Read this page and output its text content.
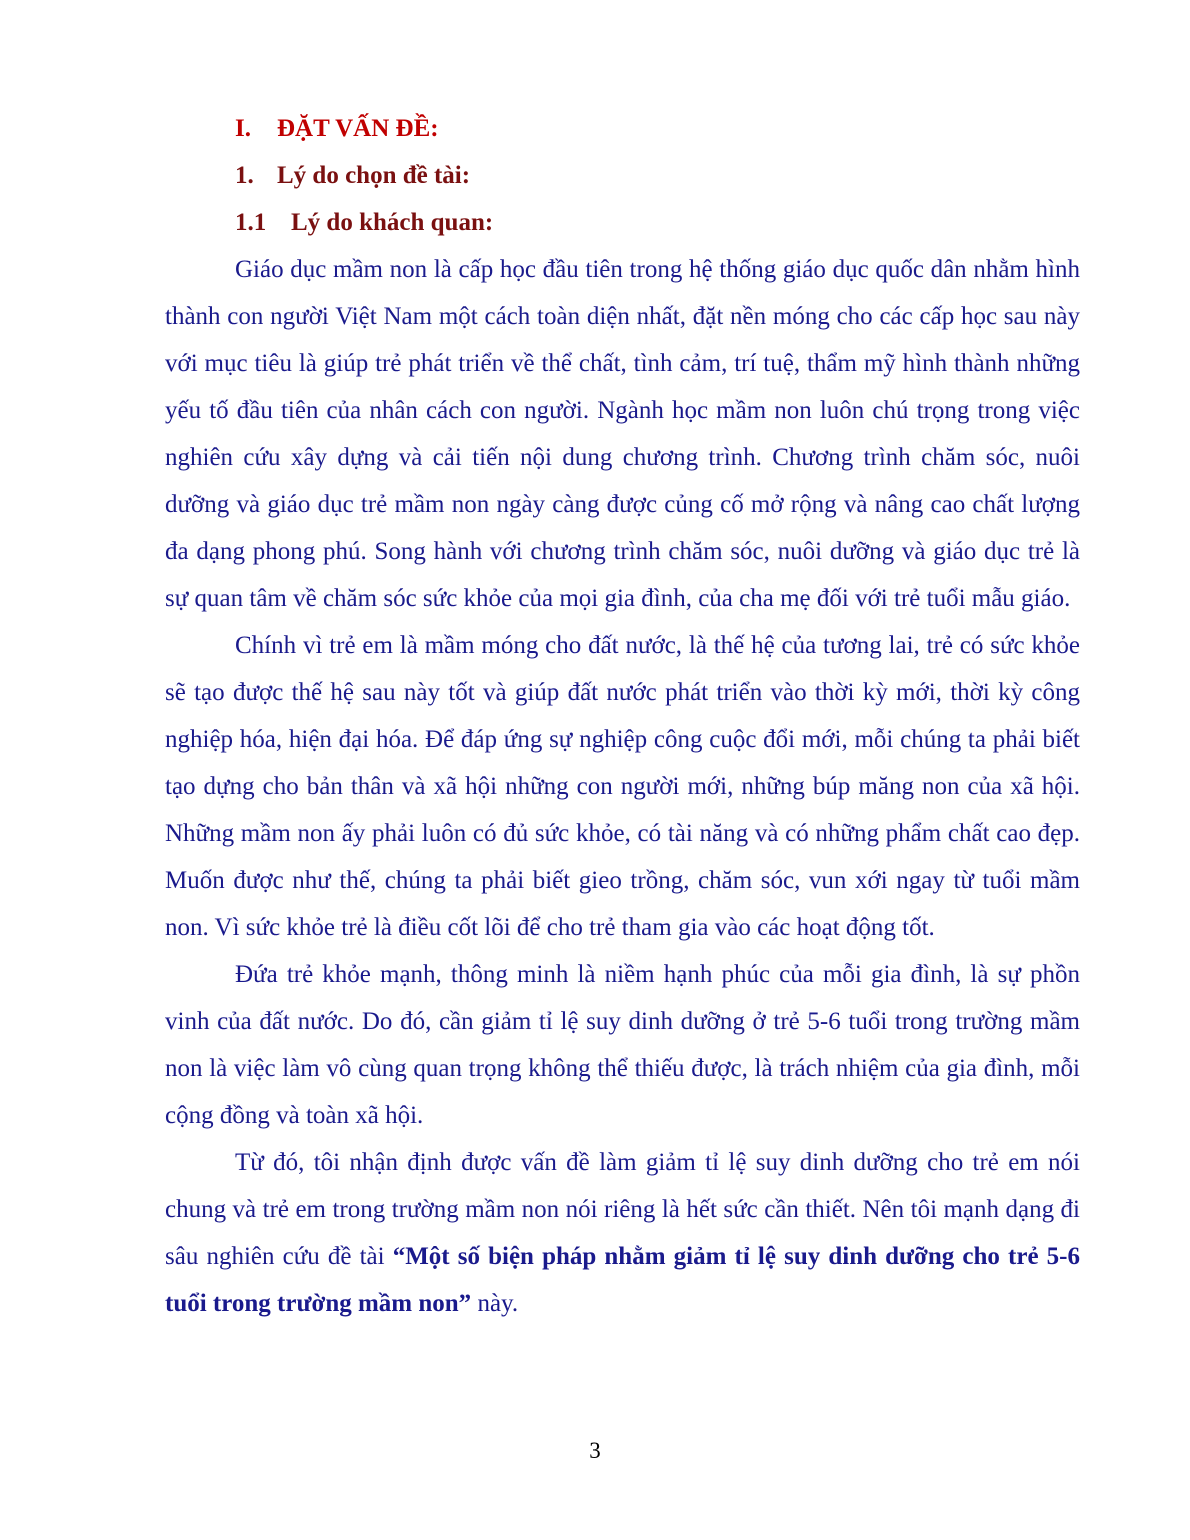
I. ĐẶT VẤN ĐỀ:
1. Lý do chọn đề tài:
1.1 Lý do khách quan:

Giáo dục mầm non là cấp học đầu tiên trong hệ thống giáo dục quốc dân nhằm hình thành con người Việt Nam một cách toàn diện nhất, đặt nền móng cho các cấp học sau này với mục tiêu là giúp trẻ phát triển về thể chất, tình cảm, trí tuệ, thẩm mỹ hình thành những yếu tố đầu tiên của nhân cách con người. Ngành học mầm non luôn chú trọng trong việc nghiên cứu xây dựng và cải tiến nội dung chương trình. Chương trình chăm sóc, nuôi dưỡng và giáo dục trẻ mầm non ngày càng được củng cố mở rộng và nâng cao chất lượng đa dạng phong phú. Song hành với chương trình chăm sóc, nuôi dưỡng và giáo dục trẻ là sự quan tâm về chăm sóc sức khỏe của mọi gia đình, của cha mẹ đối với trẻ tuổi mẫu giáo.

Chính vì trẻ em là mầm móng cho đất nước, là thế hệ của tương lai, trẻ có sức khỏe sẽ tạo được thế hệ sau này tốt và giúp đất nước phát triển vào thời kỳ mới, thời kỳ công nghiệp hóa, hiện đại hóa. Để đáp ứng sự nghiệp công cuộc đổi mới, mỗi chúng ta phải biết tạo dựng cho bản thân và xã hội những con người mới, những búp măng non của xã hội. Những mầm non ấy phải luôn có đủ sức khỏe, có tài năng và có những phẩm chất cao đẹp. Muốn được như thế, chúng ta phải biết gieo trồng, chăm sóc, vun xới ngay từ tuổi mầm non. Vì sức khỏe trẻ là điều cốt lõi để cho trẻ tham gia vào các hoạt động tốt.

Đứa trẻ khỏe mạnh, thông minh là niềm hạnh phúc của mỗi gia đình, là sự phồn vinh của đất nước. Do đó, cần giảm tỉ lệ suy dinh dưỡng ở trẻ 5-6 tuổi trong trường mầm non là việc làm vô cùng quan trọng không thể thiếu được, là trách nhiệm của gia đình, mỗi cộng đồng và toàn xã hội.

Từ đó, tôi nhận định được vấn đề làm giảm tỉ lệ suy dinh dưỡng cho trẻ em nói chung và trẻ em trong trường mầm non nói riêng là hết sức cần thiết. Nên tôi mạnh dạng đi sâu nghiên cứu đề tài “Một số biện pháp nhằm giảm tỉ lệ suy dinh dưỡng cho trẻ 5-6 tuổi trong trường mầm non” này.

3
